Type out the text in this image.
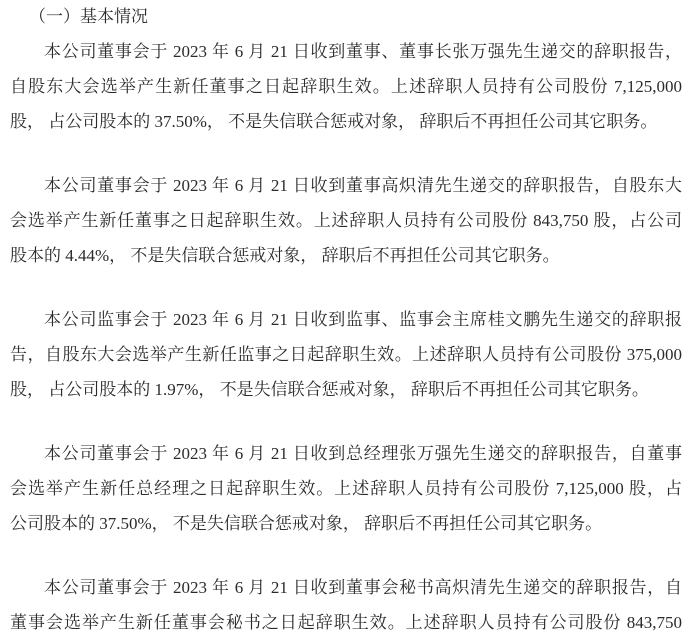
（一）基本情况
本公司董事会于 2023 年 6 月 21 日收到董事、董事长张万强先生递交的辞职报告，
自股东大会选举产生新任董事之日起辞职生效。上述辞职人员持有公司股份 7,125,000
股， 占公司股本的 37.50%， 不是失信联合惩戒对象， 辞职后不再担任公司其它职务。
本公司董事会于 2023 年 6 月 21 日收到董事高炽清先生递交的辞职报告，自股东大
会选举产生新任董事之日起辞职生效。上述辞职人员持有公司股份 843,750 股，占公司
股本的 4.44%， 不是失信联合惩戒对象， 辞职后不再担任公司其它职务。
本公司监事会于 2023 年 6 月 21 日收到监事、监事会主席桂文鹏先生递交的辞职报
告，自股东大会选举产生新任监事之日起辞职生效。上述辞职人员持有公司股份 375,000
股， 占公司股本的 1.97%， 不是失信联合惩戒对象， 辞职后不再担任公司其它职务。
本公司董事会于 2023 年 6 月 21 日收到总经理张万强先生递交的辞职报告，自董事
会选举产生新任总经理之日起辞职生效。上述辞职人员持有公司股份 7,125,000 股，占
公司股本的 37.50%， 不是失信联合惩戒对象， 辞职后不再担任公司其它职务。
本公司董事会于 2023 年 6 月 21 日收到董事会秘书高炽清先生递交的辞职报告，自
董事会选举产生新任董事会秘书之日起辞职生效。上述辞职人员持有公司股份 843,750
